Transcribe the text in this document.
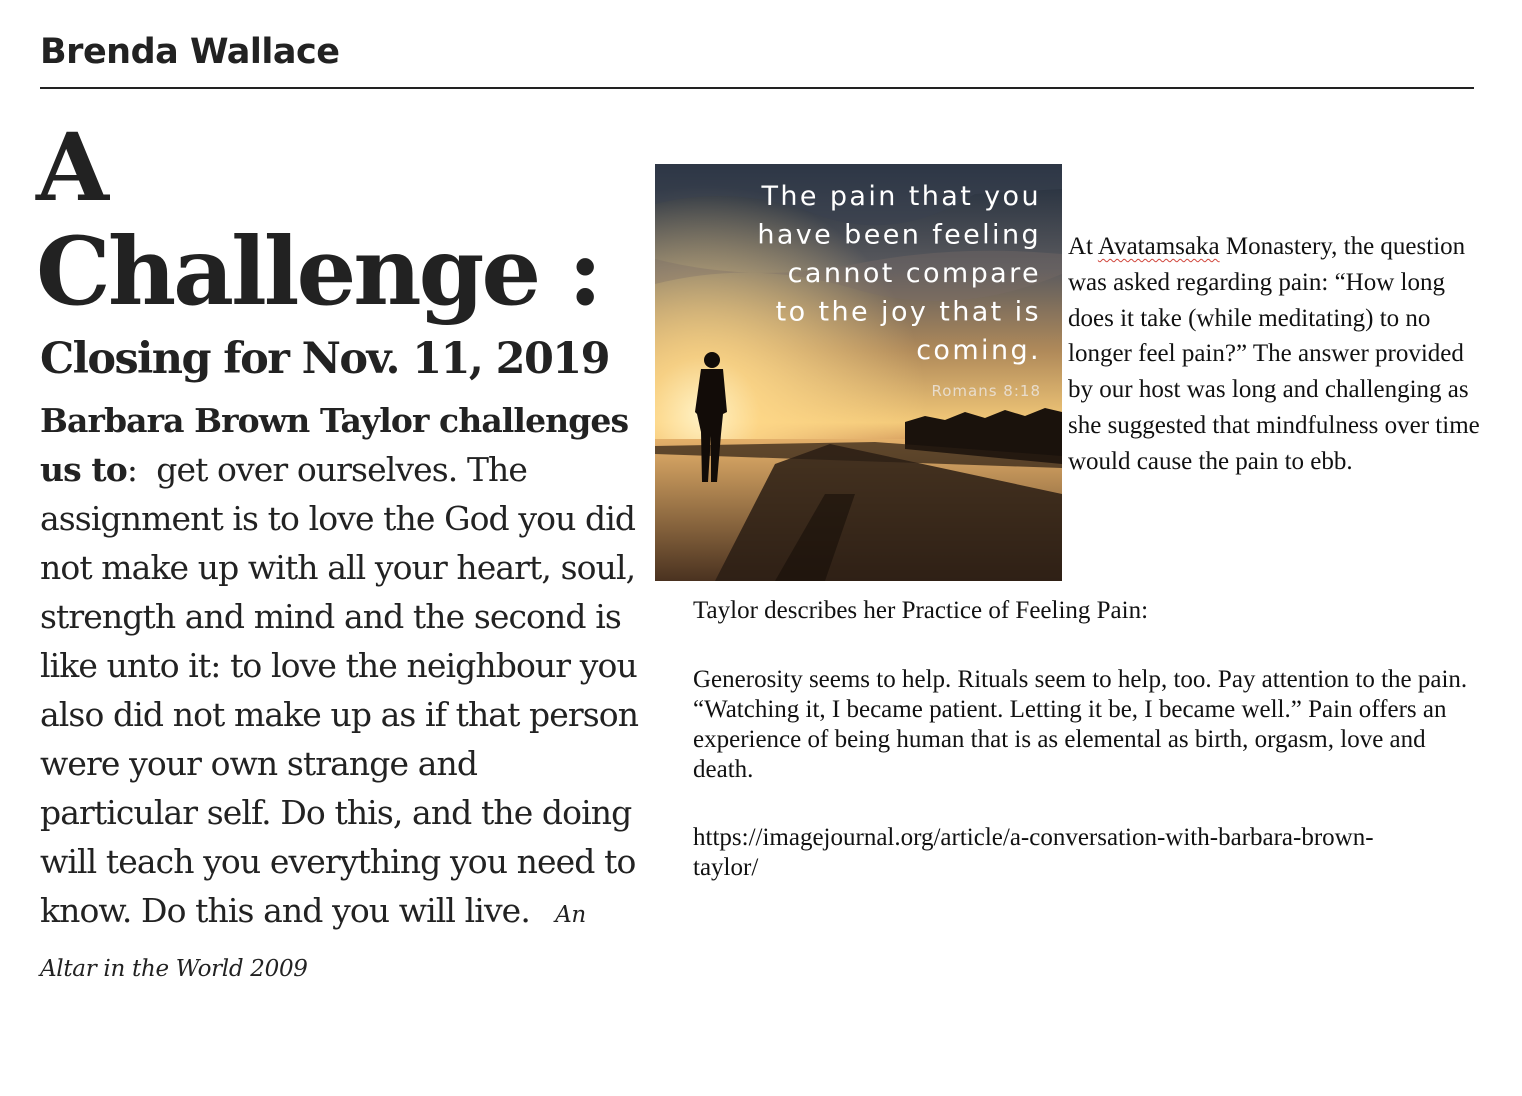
Brenda Wallace
A
Challenge :
Closing for Nov. 11, 2019

Barbara Brown Taylor challenges us to: get over ourselves. The assignment is to love the God you did not make up with all your heart, soul, strength and mind and the second is like unto it: to love the neighbour you also did not make up as if that person were your own strange and particular self. Do this, and the doing will teach you everything you need to know. Do this and you will live. An Altar in the World 2009

The pain that you
have been feeling
cannot compare
to the joy that is
coming.
Romans 8:18

At Avatamsaka Monastery, the question was asked regarding pain: “How long does it take (while meditating) to no longer feel pain?” The answer provided by our host was long and challenging as she suggested that mindfulness over time would cause the pain to ebb.

Taylor describes her Practice of Feeling Pain:

Generosity seems to help. Rituals seem to help, too. Pay attention to the pain. “Watching it, I became patient. Letting it be, I became well.” Pain offers an experience of being human that is as elemental as birth, orgasm, love and death.

https://imagejournal.org/article/a-conversation-with-barbara-brown-taylor/
